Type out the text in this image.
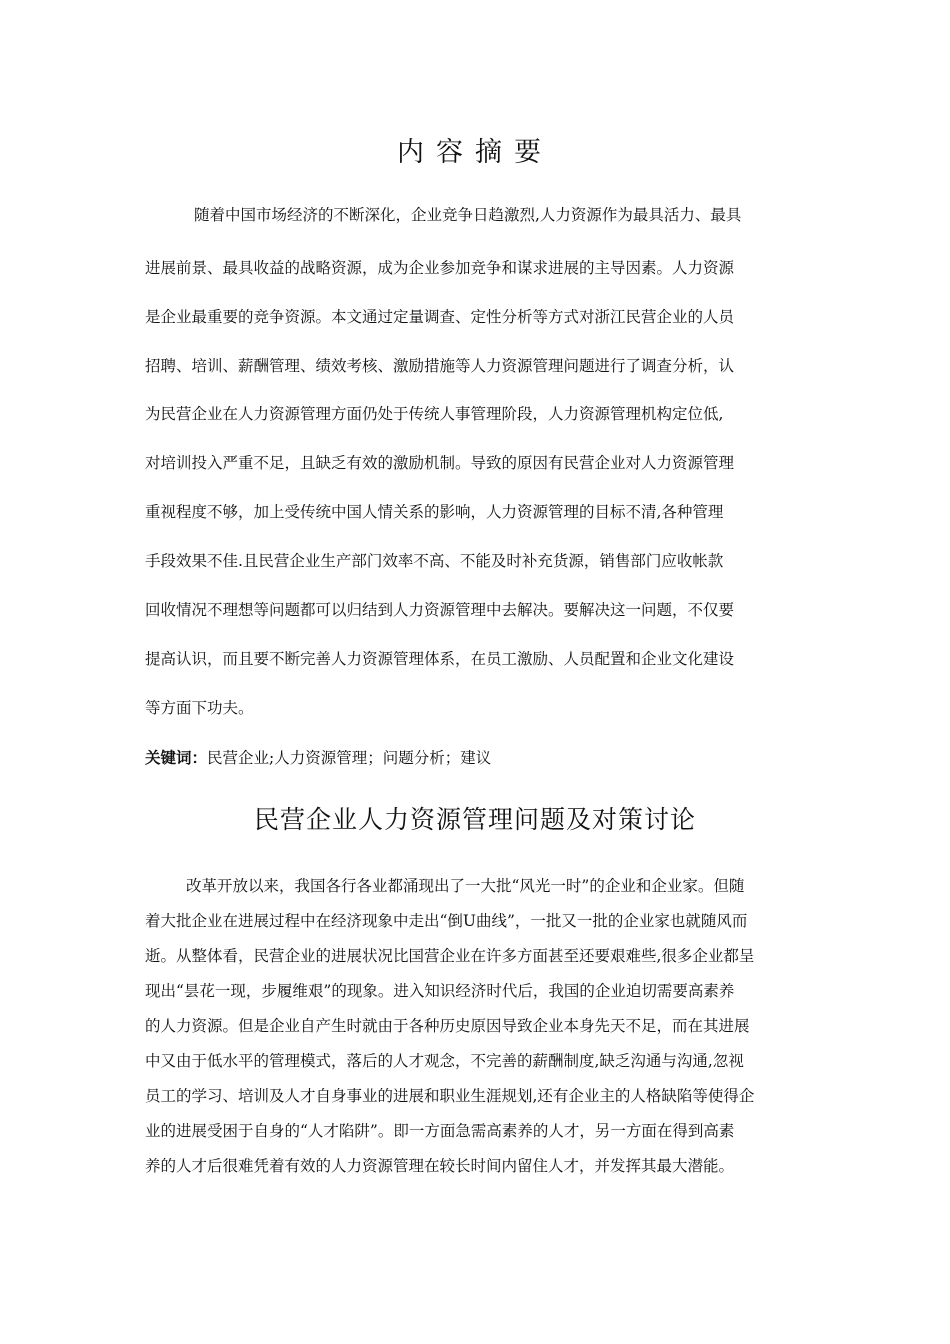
内容摘要

随着中国市场经济的不断深化，企业竞争日趋激烈,人力资源作为最具活力、最具

进展前景、最具收益的战略资源，成为企业参加竞争和谋求进展的主导因素。人力资源

是企业最重要的竞争资源。本文通过定量调查、定性分析等方式对浙江民营企业的人员

招聘、培训、薪酬管理、绩效考核、激励措施等人力资源管理问题进行了调查分析，认

为民营企业在人力资源管理方面仍处于传统人事管理阶段，人力资源管理机构定位低,

对培训投入严重不足，且缺乏有效的激励机制。导致的原因有民营企业对人力资源管理

重视程度不够，加上受传统中国人情关系的影响，人力资源管理的目标不清,各种管理

手段效果不佳.且民营企业生产部门效率不高、不能及时补充货源，销售部门应收帐款

回收情况不理想等问题都可以归结到人力资源管理中去解决。要解决这一问题，不仅要

提高认识，而且要不断完善人力资源管理体系，在员工激励、人员配置和企业文化建设

等方面下功夫。

关键词：民营企业;人力资源管理；问题分析；建议
民营企业人力资源管理问题及对策讨论

改革开放以来，我国各行各业都涌现出了一大批“风光一时”的企业和企业家。但随

着大批企业在进展过程中在经济现象中走出“倒U曲线”，一批又一批的企业家也就随风而

逝。从整体看，民营企业的进展状况比国营企业在许多方面甚至还要艰难些,很多企业都呈

现出“昙花一现，步履维艰”的现象。进入知识经济时代后，我国的企业迫切需要高素养

的人力资源。但是企业自产生时就由于各种历史原因导致企业本身先天不足，而在其进展

中又由于低水平的管理模式，落后的人才观念，不完善的薪酬制度,缺乏沟通与沟通,忽视

员工的学习、培训及人才自身事业的进展和职业生涯规划,还有企业主的人格缺陷等使得企

业的进展受困于自身的“人才陷阱”。即一方面急需高素养的人才，另一方面在得到高素

养的人才后很难凭着有效的人力资源管理在较长时间内留住人才，并发挥其最大潜能。
